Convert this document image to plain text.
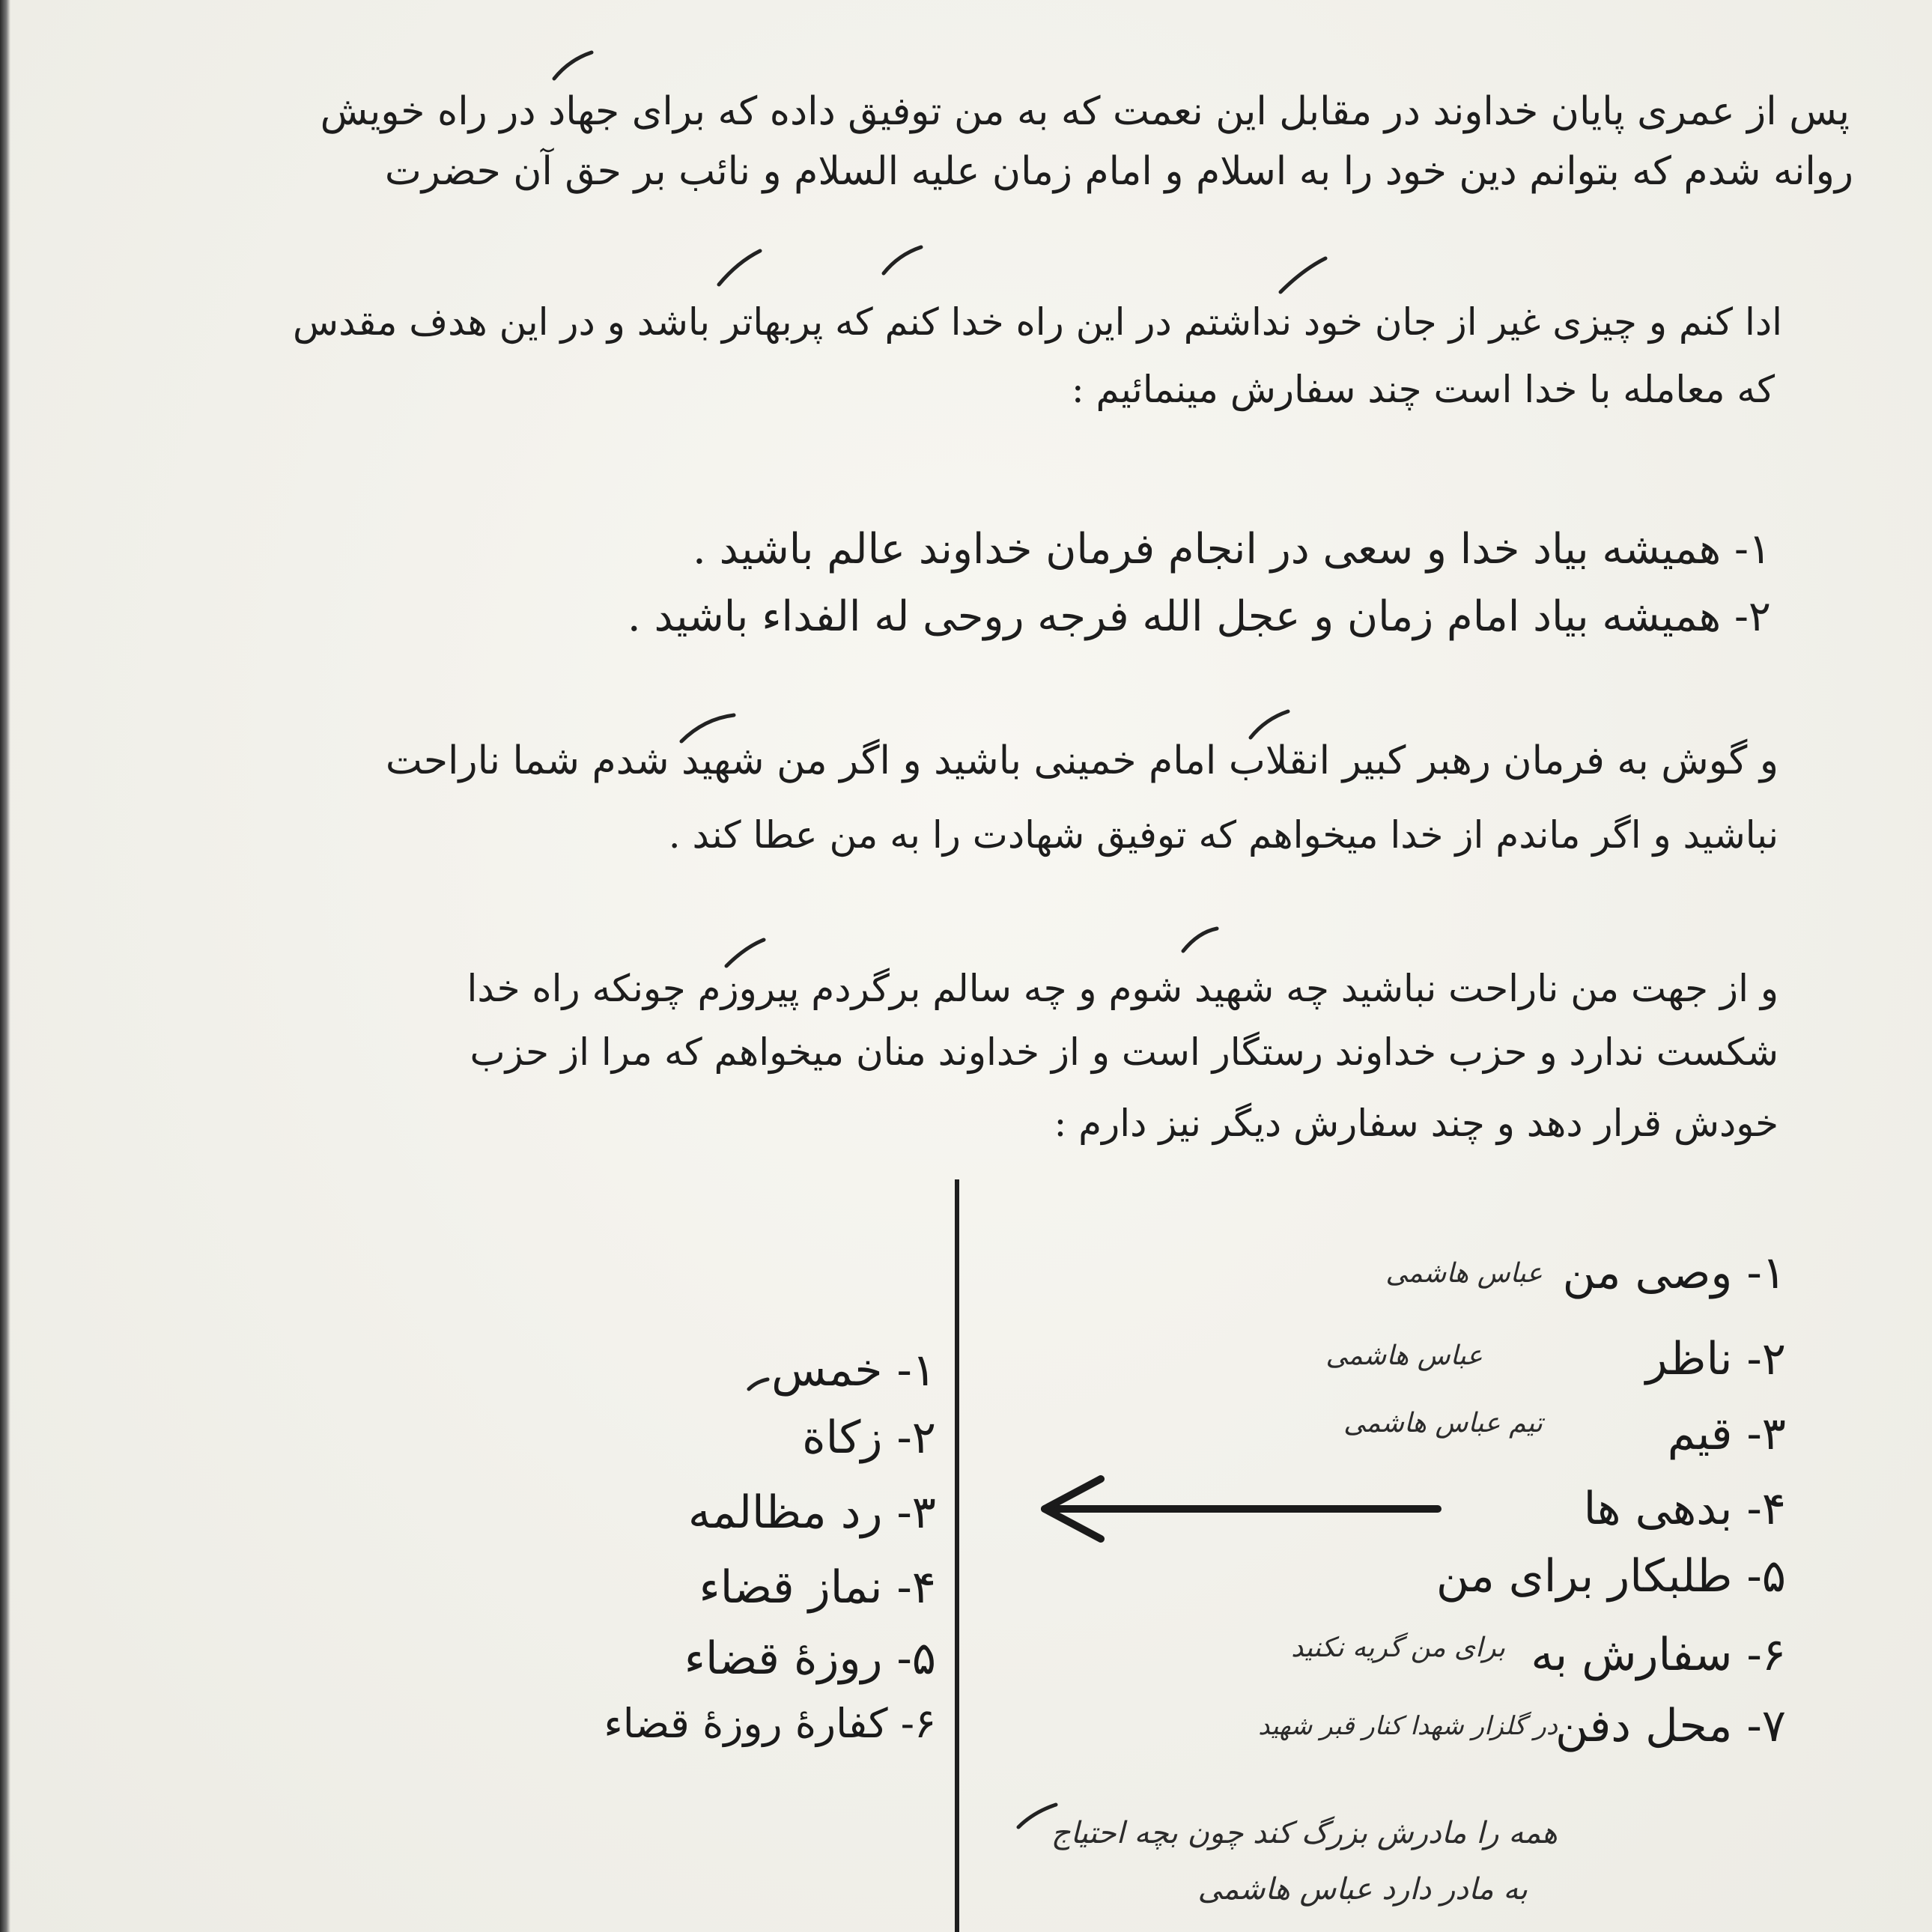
پس از عمری پایان خداوند در مقابل این نعمت که به من توفیق داده که برای جهاد در راه خویش
روانه شدم که بتوانم دین خود را به اسلام و امام زمان علیه السلام و نائب بر حق آن حضرت
ادا کنم و چیزی غیر از جان خود نداشتم در این راه خدا کنم که پربهاتر باشد و در این هدف مقدس
که معامله با خدا است چند سفارش مینمائیم :
۱- همیشه بیاد خدا و سعی در انجام فرمان خداوند عالم باشید .
۲- همیشه بیاد امام زمان و عجل الله فرجه روحی له الفداء باشید .
و گوش به فرمان رهبر کبیر انقلاب امام خمینی باشید و اگر من شهید شدم شما ناراحت
نباشید و اگر ماندم از خدا میخواهم که توفیق شهادت را به من عطا کند .
و از جهت من ناراحت نباشید چه شهید شوم و چه سالم برگردم پیروزم چونکه راه خدا
شکست ندارد و حزب خداوند رستگار است و از خداوند منان میخواهم که مرا از حزب
خودش قرار دهد و چند سفارش دیگر نیز دارم :
۱- وصی من
۲- ناظر
۳- قیم
۴- بدهی ها
۵- طلبکار برای من
۶- سفارش به
۷- محل دفن
عباس هاشمی
عباس هاشمی
تیم عباس هاشمی
برای من گریه نکنید
در گلزار شهدا کنار قبر شهید
۱- خمس
۲- زکاة
۳- رد مظالمه
۴- نماز قضاء
۵- روزهٔ قضاء
۶- کفارهٔ روزهٔ قضاء
همه را مادرش بزرگ کند چون بچه احتیاج
به مادر دارد عباس هاشمی
